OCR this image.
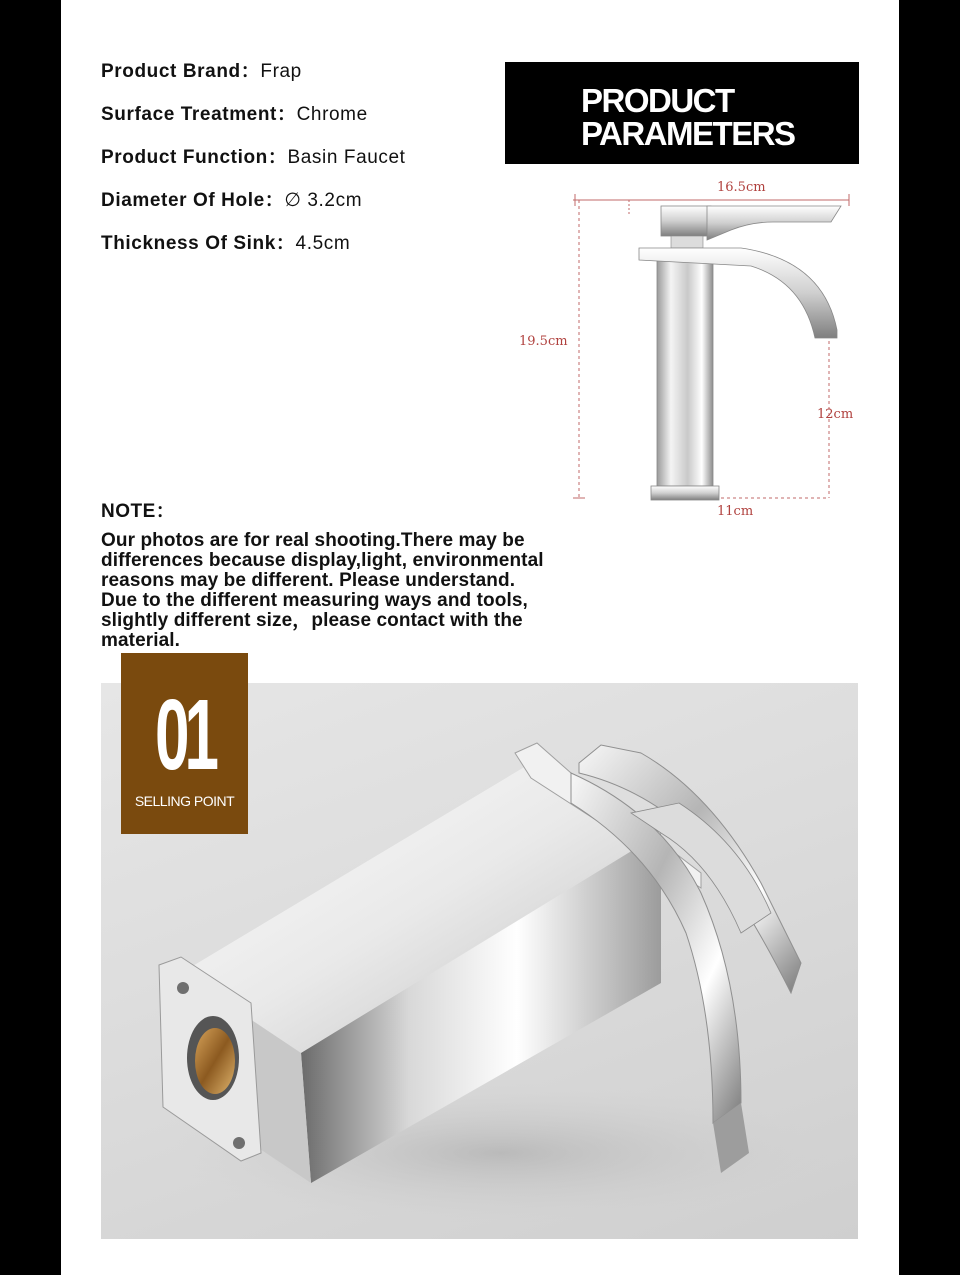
Product Brand：Frap
Surface Treatment：Chrome
Product Function：Basin Faucet
Diameter Of Hole：∅ 3.2cm
Thickness Of Sink：4.5cm
PRODUCT
PARAMETERS
16.5cm
19.5cm
12cm
11cm
NOTE：
Our photos are for real shooting.There may be
differences because display,light, environmental
reasons may be different. Please understand.
Due to the different measuring ways and tools,
slightly different size，please contact with the
material.
01
SELLING POINT
